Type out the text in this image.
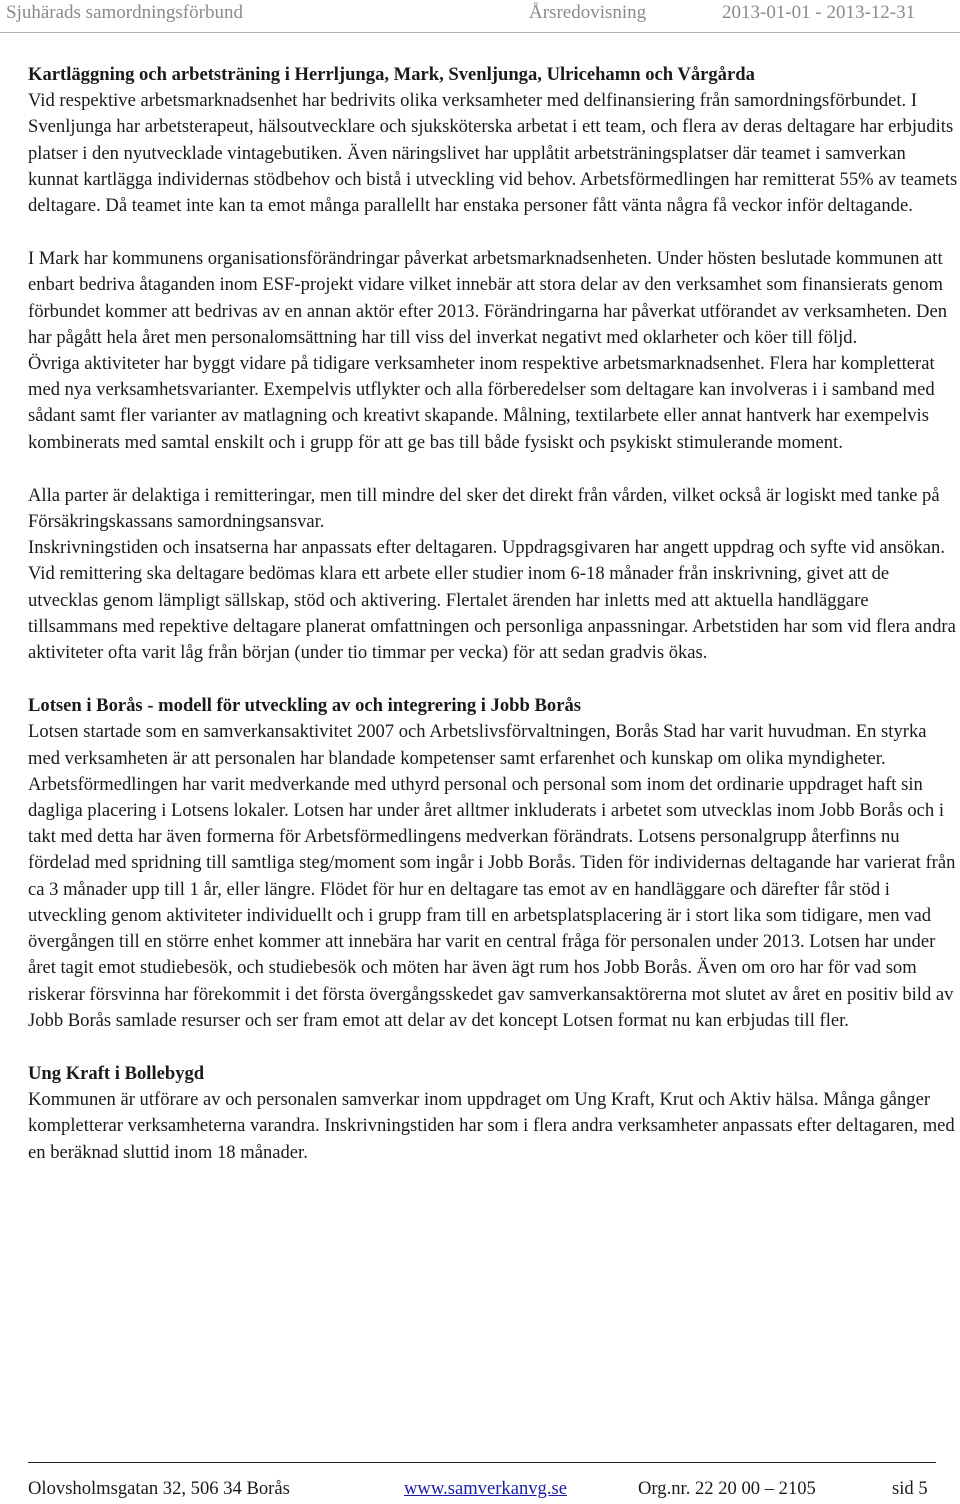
Sjuhärads samordningsförbund	Årsredovisning	2013-01-01 - 2013-12-31

Kartläggning och arbetsträning i Herrljunga, Mark, Svenljunga, Ulricehamn och Vårgårda

Vid respektive arbetsmarknadsenhet har bedrivits olika verksamheter med delfinansiering från samordningsförbundet. I Svenljunga har arbetsterapeut, hälsoutvecklare och sjuksköterska arbetat i ett team, och flera av deras deltagare har erbjudits platser i den nyutvecklade vintagebutiken. Även näringslivet har upplåtit arbetsträningsplatser där teamet i samverkan kunnat kartlägga individernas stödbehov och bistå i utveckling vid behov. Arbetsförmedlingen har remitterat 55% av teamets deltagare. Då teamet inte kan ta emot många parallellt har enstaka personer fått vänta några få veckor inför deltagande.

I Mark har kommunens organisationsförändringar påverkat arbetsmarknadsenheten. Under hösten beslutade kommunen att enbart bedriva åtaganden inom ESF-projekt vidare vilket innebär att stora delar av den verksamhet som finansierats genom förbundet kommer att bedrivas av en annan aktör efter 2013. Förändringarna har påverkat utförandet av verksamheten. Den har pågått hela året men personalomsättning har till viss del inverkat negativt med oklarheter och köer till följd.

Övriga aktiviteter har byggt vidare på tidigare verksamheter inom respektive arbetsmarknadsenhet. Flera har kompletterat med nya verksamhetsvarianter. Exempelvis utflykter och alla förberedelser som deltagare kan involveras i i samband med sådant samt fler varianter av matlagning och kreativt skapande. Målning, textilarbete eller annat hantverk har exempelvis kombinerats med samtal enskilt och i grupp för att ge bas till både fysiskt och psykiskt stimulerande moment.

Alla parter är delaktiga i remitteringar, men till mindre del sker det direkt från vården, vilket också är logiskt med tanke på Försäkringskassans samordningsansvar.

Inskrivningstiden och insatserna har anpassats efter deltagaren. Uppdragsgivaren har angett uppdrag och syfte vid ansökan. Vid remittering ska deltagare bedömas klara ett arbete eller studier inom 6-18 månader från inskrivning, givet att de utvecklas genom lämpligt sällskap, stöd och aktivering. Flertalet ärenden har inletts med att aktuella handläggare tillsammans med repektive deltagare planerat omfattningen och personliga anpassningar. Arbetstiden har som vid flera andra aktiviteter ofta varit låg från början (under tio timmar per vecka) för att sedan gradvis ökas.

Lotsen i Borås - modell för utveckling av och integrering i Jobb Borås

Lotsen startade som en samverkansaktivitet 2007 och Arbetslivsförvaltningen, Borås Stad har varit huvudman. En styrka med verksamheten är att personalen har blandade kompetenser samt erfarenhet och kunskap om olika myndigheter. Arbetsförmedlingen har varit medverkande med uthyrd personal och personal som inom det ordinarie uppdraget haft sin dagliga placering i Lotsens lokaler. Lotsen har under året alltmer inkluderats i arbetet som utvecklas inom Jobb Borås och i takt med detta har även formerna för Arbetsförmedlingens medverkan förändrats. Lotsens personalgrupp återfinns nu fördelad med spridning till samtliga steg/moment som ingår i Jobb Borås. Tiden för individernas deltagande har varierat från ca 3 månader upp till 1 år, eller längre. Flödet för hur en deltagare tas emot av en handläggare och därefter får stöd i utveckling genom aktiviteter individuellt och i grupp fram till en arbetsplatsplacering är i stort lika som tidigare, men vad övergången till en större enhet kommer att innebära har varit en central fråga för personalen under 2013. Lotsen har under året tagit emot studiebesök, och studiebesök och möten har även ägt rum hos Jobb Borås. Även om oro har för vad som riskerar försvinna har förekommit i det första övergångsskedet gav samverkansaktörerna mot slutet av året en positiv bild av Jobb Borås samlade resurser och ser fram emot att delar av det koncept Lotsen format nu kan erbjudas till fler.

Ung Kraft i Bollebygd

Kommunen är utförare av och personalen samverkar inom uppdraget om Ung Kraft, Krut och Aktiv hälsa. Många gånger kompletterar verksamheterna varandra. Inskrivningstiden har som i flera andra verksamheter anpassats efter deltagaren, med en beräknad sluttid inom 18 månader.

Olovsholmsgatan 32, 506 34 Borås	www.samverkanvg.se	Org.nr. 22 20 00 – 2105	sid 5
